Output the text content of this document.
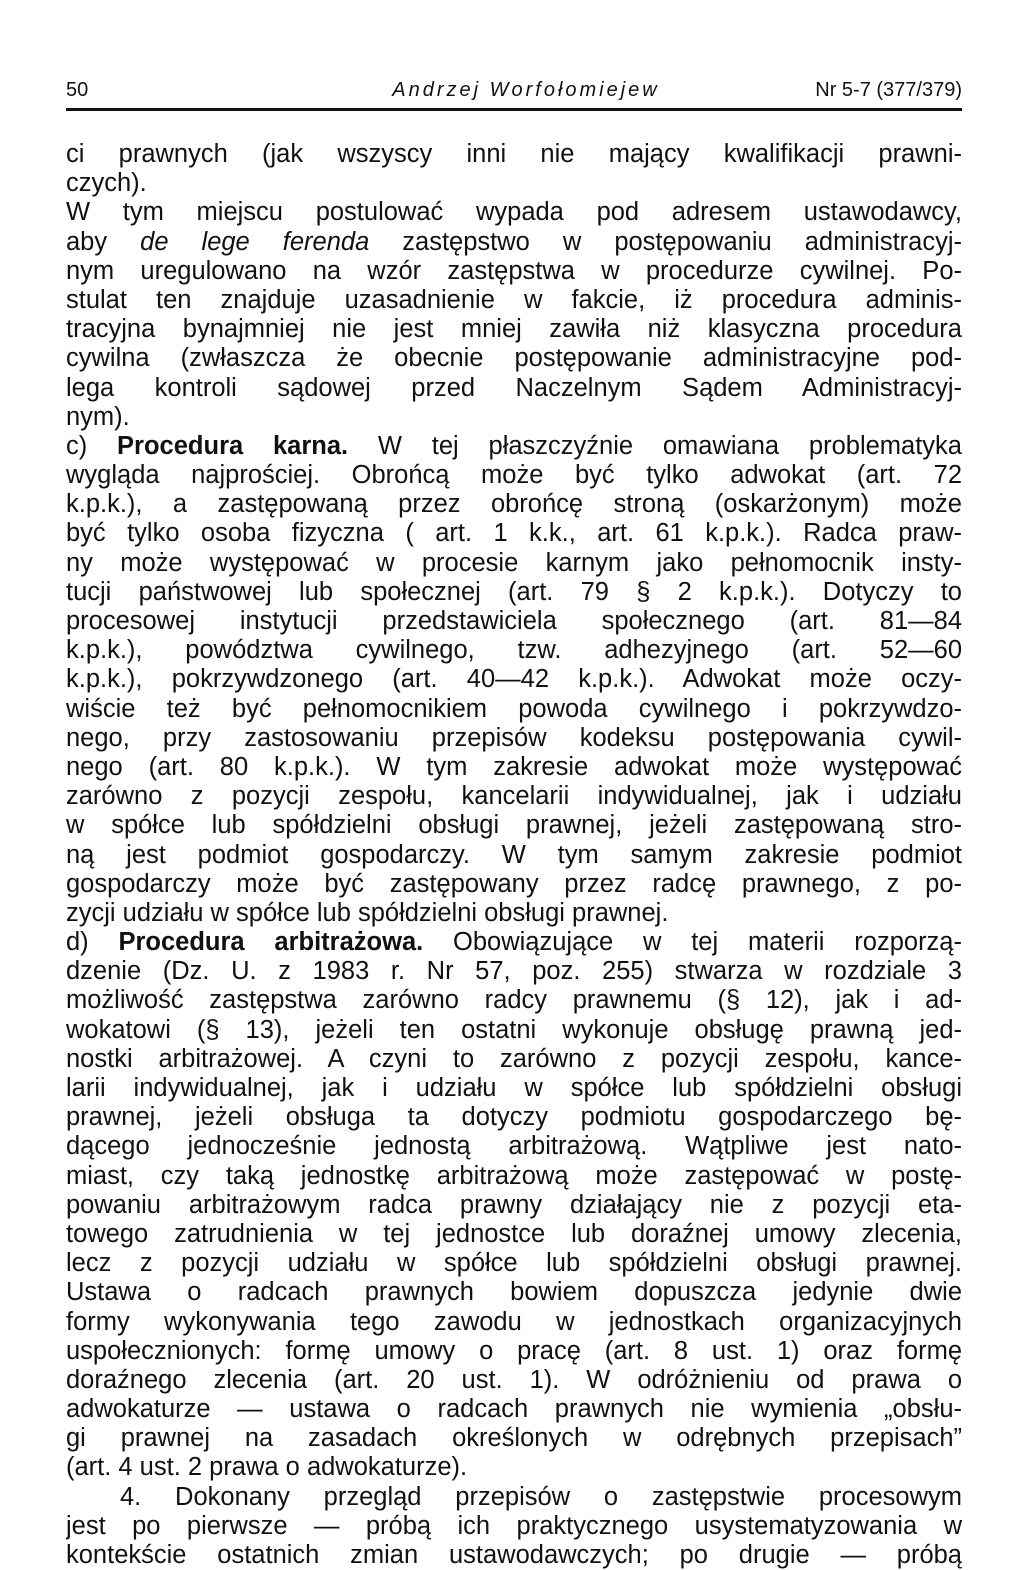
50	Andrzej Worfołomiejew	Nr 5-7 (377/379)
ci prawnych (jak wszyscy inni nie mający kwalifikacji prawni-
czych).
W tym miejscu postulować wypada pod adresem ustawodawcy,
aby de lege ferenda zastępstwo w postępowaniu administracyj-
nym uregulowano na wzór zastępstwa w procedurze cywilnej. Po-
stulat ten znajduje uzasadnienie w fakcie, iż procedura adminis-
tracyjna bynajmniej nie jest mniej zawiła niż klasyczna procedura
cywilna (zwłaszcza że obecnie postępowanie administracyjne pod-
lega kontroli sądowej przed Naczelnym Sądem Administracyj-
nym).
c) Procedura karna. W tej płaszczyźnie omawiana problematyka
wygląda najprościej. Obrońcą może być tylko adwokat (art. 72
k.p.k.), a zastępowaną przez obrońcę stroną (oskarżonym) może
być tylko osoba fizyczna ( art. 1 k.k., art. 61 k.p.k.). Radca praw-
ny może występować w procesie karnym jako pełnomocnik insty-
tucji państwowej lub społecznej (art. 79 § 2 k.p.k.). Dotyczy to
procesowej instytucji przedstawiciela społecznego (art. 81—84
k.p.k.), powództwa cywilnego, tzw. adhezyjnego (art. 52—60
k.p.k.), pokrzywdzonego (art. 40—42 k.p.k.). Adwokat może oczy-
wiście też być pełnomocnikiem powoda cywilnego i pokrzywdzo-
nego, przy zastosowaniu przepisów kodeksu postępowania cywil-
nego (art. 80 k.p.k.). W tym zakresie adwokat może występować
zarówno z pozycji zespołu, kancelarii indywidualnej, jak i udziału
w spółce lub spółdzielni obsługi prawnej, jeżeli zastępowaną stro-
ną jest podmiot gospodarczy. W tym samym zakresie podmiot
gospodarczy może być zastępowany przez radcę prawnego, z po-
zycji udziału w spółce lub spółdzielni obsługi prawnej.
d) Procedura arbitrażowa. Obowiązujące w tej materii rozporzą-
dzenie (Dz. U. z 1983 r. Nr 57, poz. 255) stwarza w rozdziale 3
możliwość zastępstwa zarówno radcy prawnemu (§ 12), jak i ad-
wokatowi (§ 13), jeżeli ten ostatni wykonuje obsługę prawną jed-
nostki arbitrażowej. A czyni to zarówno z pozycji zespołu, kance-
larii indywidualnej, jak i udziału w spółce lub spółdzielni obsługi
prawnej, jeżeli obsługa ta dotyczy podmiotu gospodarczego bę-
dącego jednocześnie jednostą arbitrażową. Wątpliwe jest nato-
miast, czy taką jednostkę arbitrażową może zastępować w postę-
powaniu arbitrażowym radca prawny działający nie z pozycji eta-
towego zatrudnienia w tej jednostce lub doraźnej umowy zlecenia,
lecz z pozycji udziału w spółce lub spółdzielni obsługi prawnej.
Ustawa o radcach prawnych bowiem dopuszcza jedynie dwie
formy wykonywania tego zawodu w jednostkach organizacyjnych
uspołecznionych: formę umowy o pracę (art. 8 ust. 1) oraz formę
doraźnego zlecenia (art. 20 ust. 1). W odróżnieniu od prawa o
adwokaturze — ustawa o radcach prawnych nie wymienia „obsłu-
gi prawnej na zasadach określonych w odrębnych przepisach”
(art. 4 ust. 2 prawa o adwokaturze).
4. Dokonany przegląd przepisów o zastępstwie procesowym
jest po pierwsze — próbą ich praktycznego usystematyzowania w
kontekście ostatnich zmian ustawodawczych; po drugie — próbą
